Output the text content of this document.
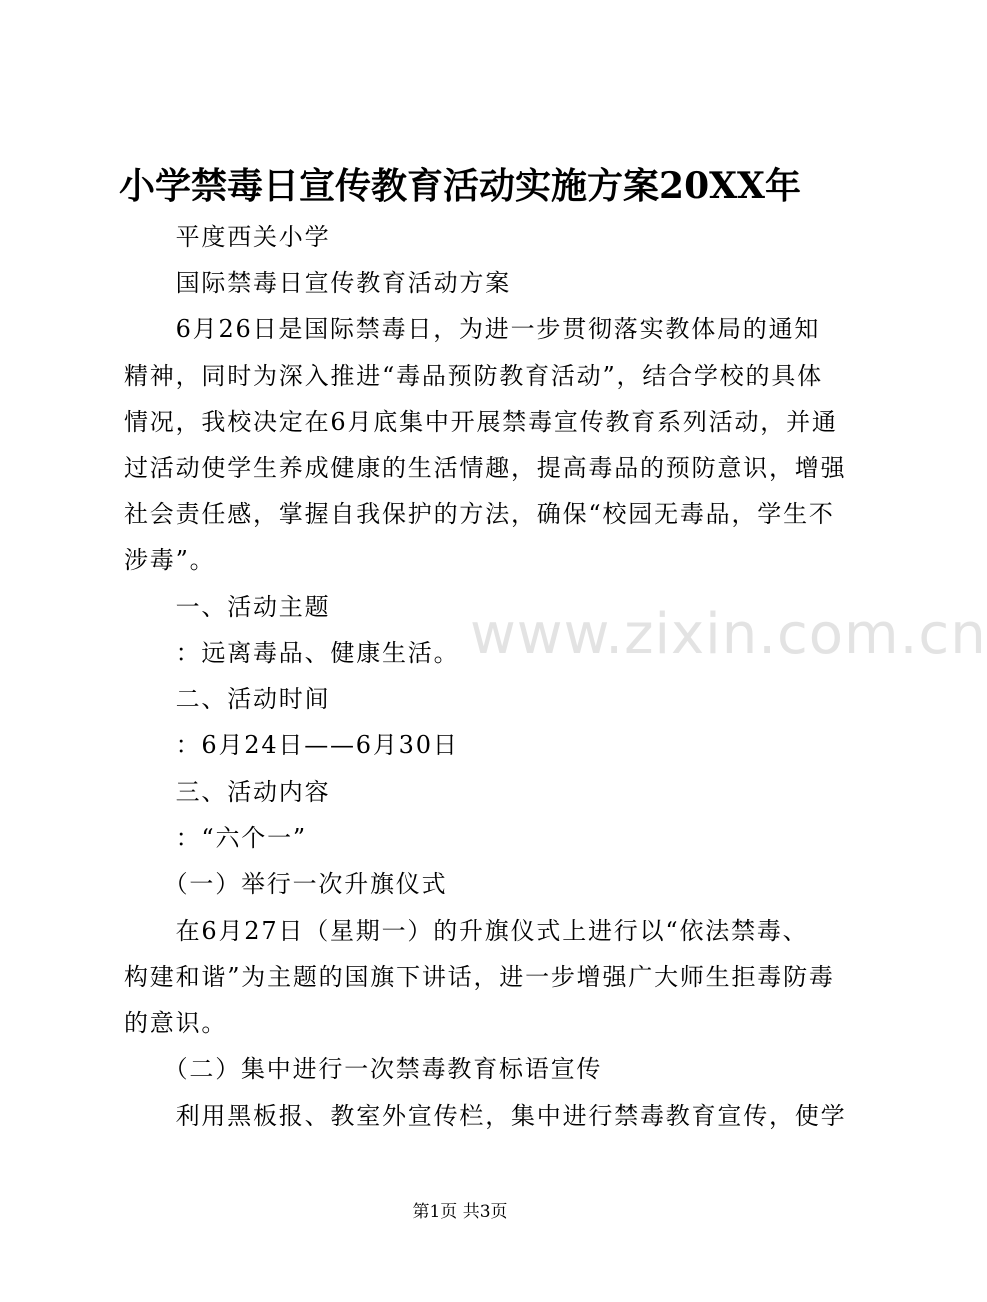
小学禁毒日宣传教育活动实施方案20XX年
www.zixin.com.cn
　　平度西关小学
　　国际禁毒日宣传教育活动方案
　　6月26日是国际禁毒日，为进一步贯彻落实教体局的通知
精神，同时为深入推进“毒品预防教育活动”，结合学校的具体
情况，我校决定在6月底集中开展禁毒宣传教育系列活动，并通
过活动使学生养成健康的生活情趣，提高毒品的预防意识，增强
社会责任感，掌握自我保护的方法，确保“校园无毒品，学生不
涉毒”。
　　一、活动主题
　　：远离毒品、健康生活。
　　二、活动时间
　　：6月24日——6月30日
　　三、活动内容
　　：“六个一”
　　（一）举行一次升旗仪式
　　在6月27日（星期一）的升旗仪式上进行以“依法禁毒、
构建和谐”为主题的国旗下讲话，进一步增强广大师生拒毒防毒
的意识。
　　（二）集中进行一次禁毒教育标语宣传
　　利用黑板报、教室外宣传栏，集中进行禁毒教育宣传，使学
第1页 共3页
